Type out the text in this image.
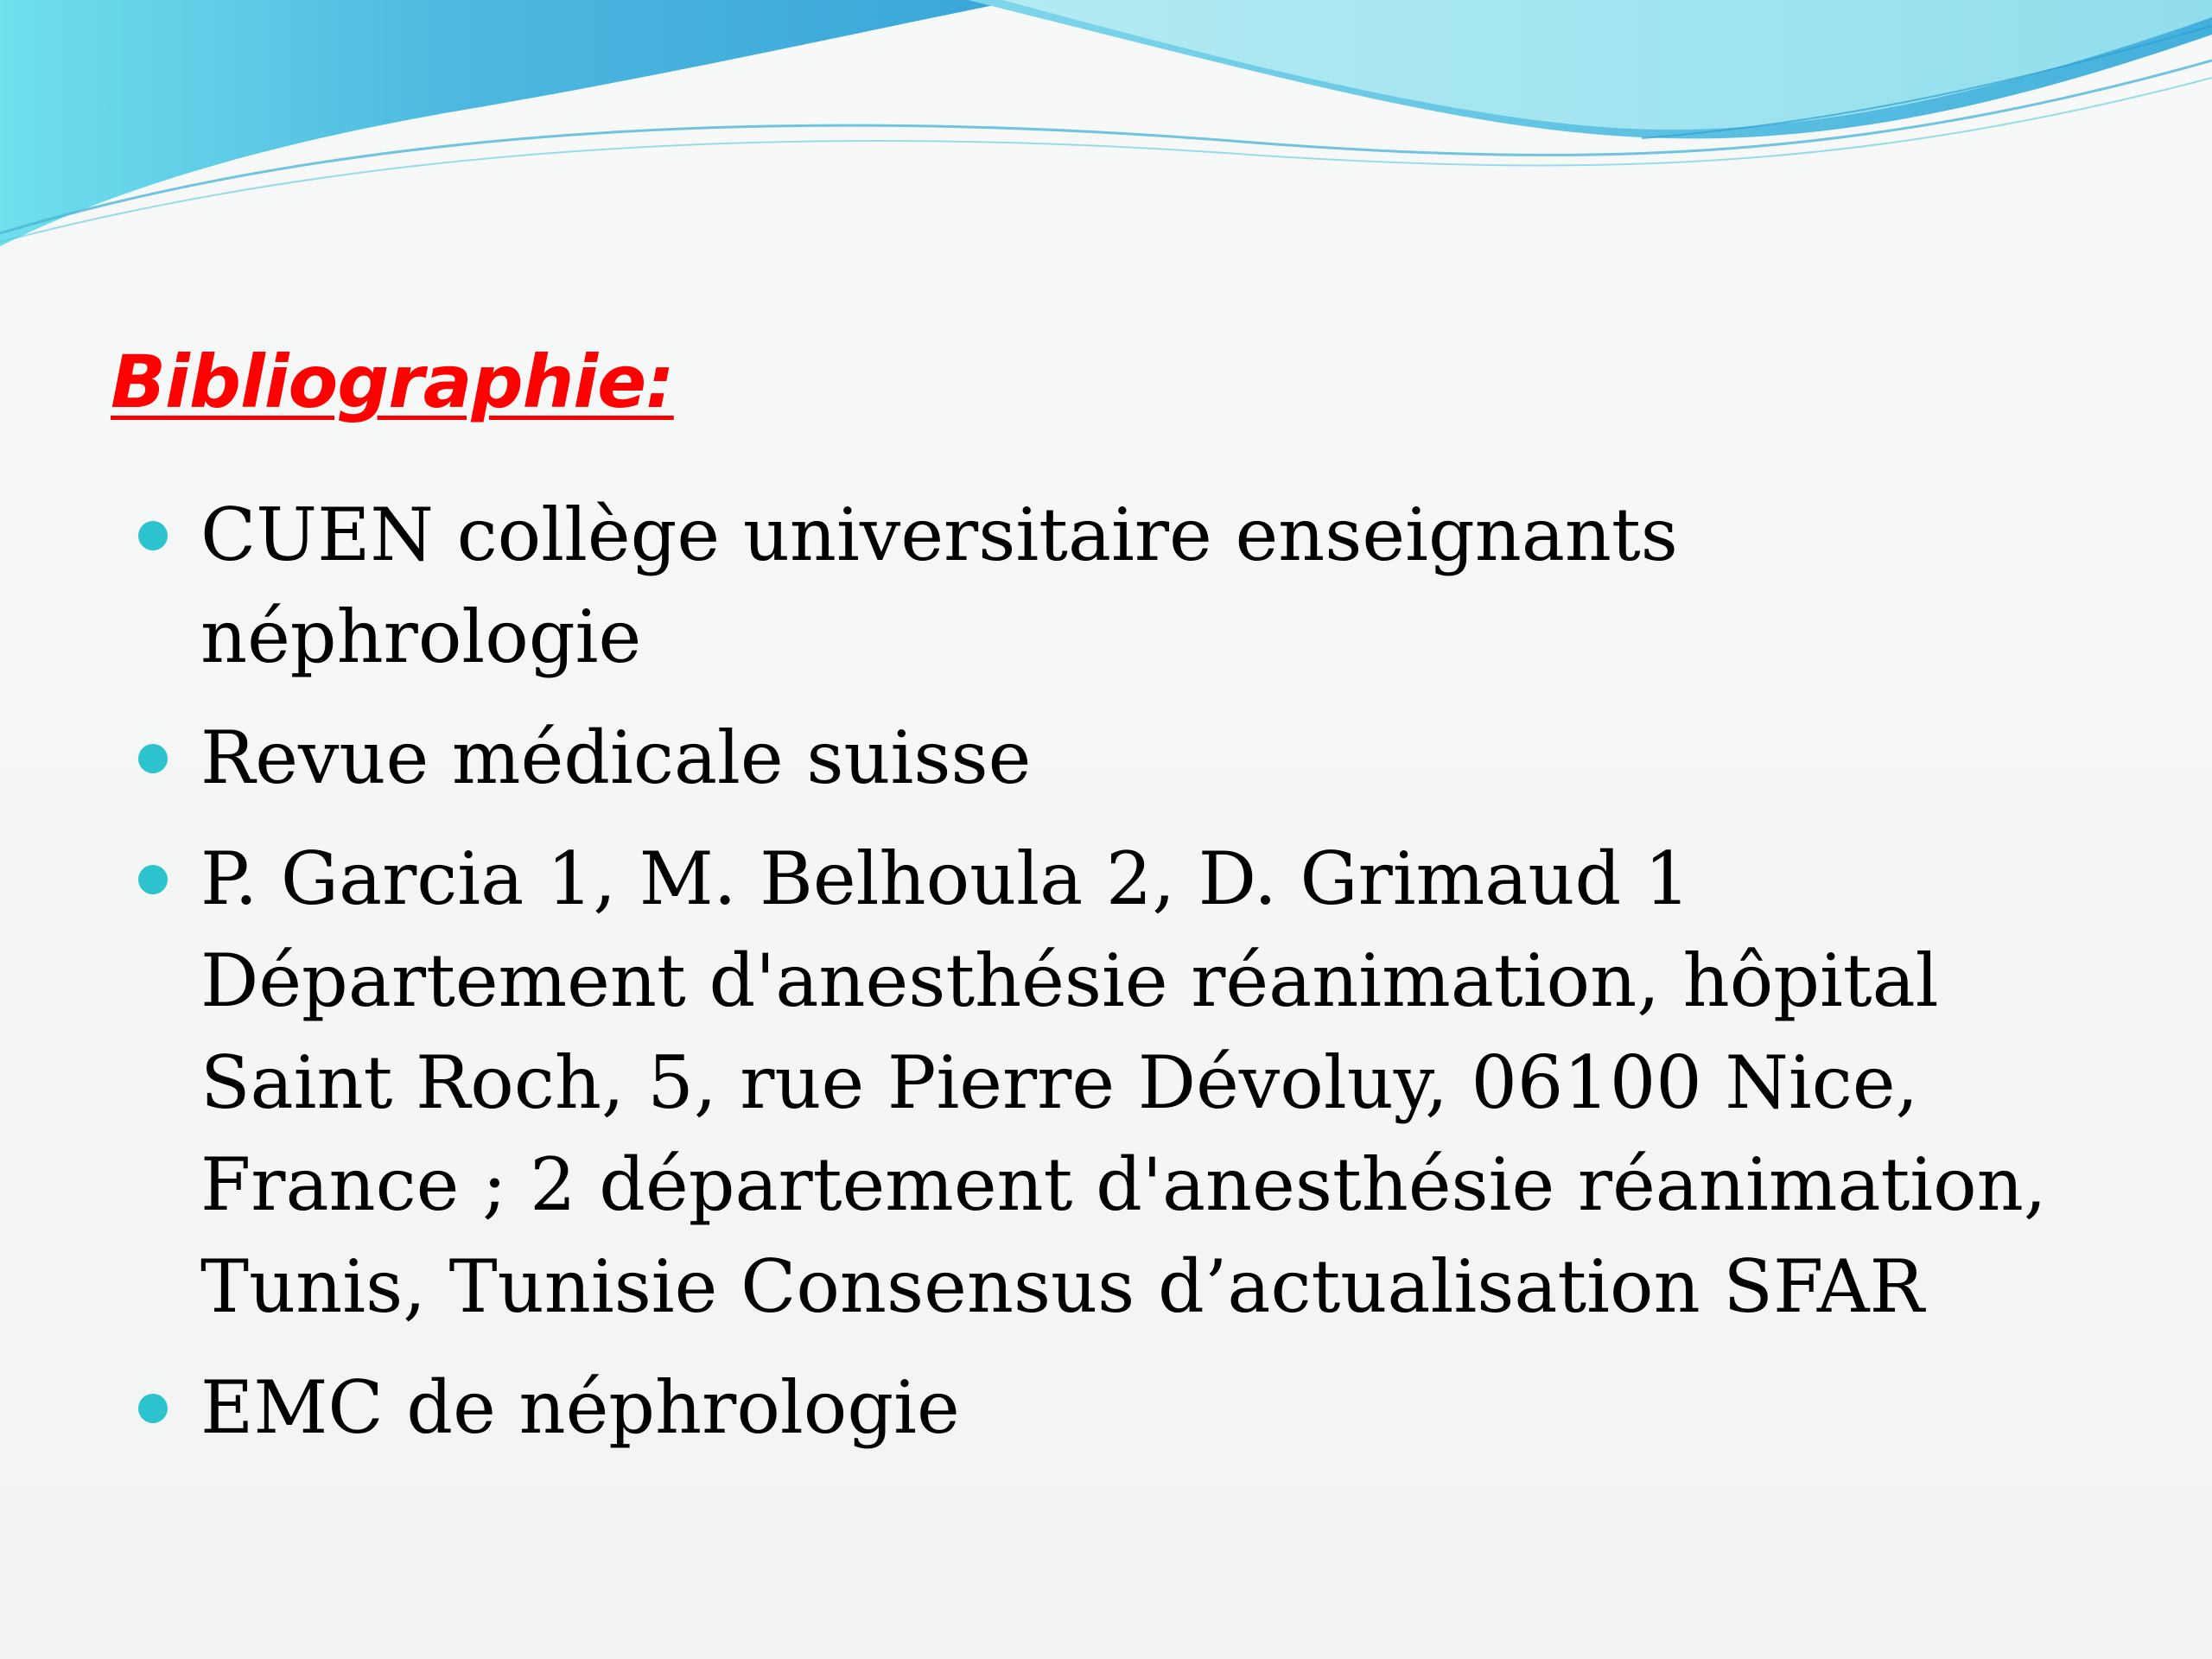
Bibliographie:
CUEN collège universitaire enseignants néphrologie
Revue médicale suisse
P. Garcia 1, M. Belhoula 2, D. Grimaud 1 Département d'anesthésie réanimation, hôpital Saint Roch, 5, rue Pierre Dévoluy, 06100 Nice, France ; 2 département d'anesthésie réanimation, Tunis, Tunisie Consensus d’actualisation SFAR
EMC de néphrologie
